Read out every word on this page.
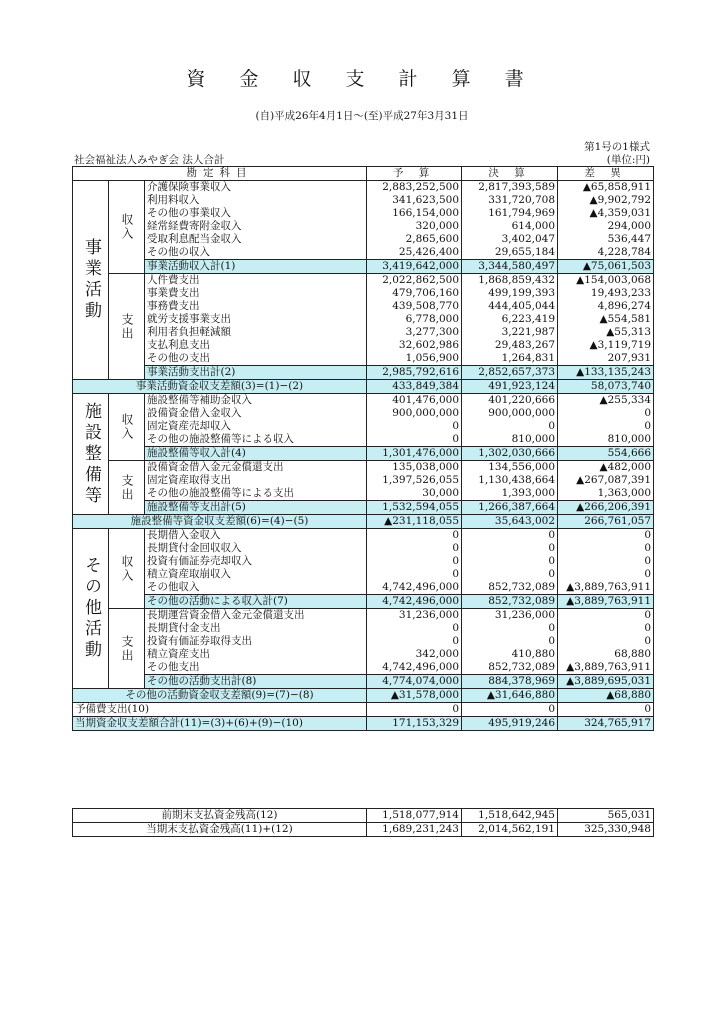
資 金 収 支 計 算 書
(自)平成26年4月1日～(至)平成27年3月31日
第1号の1様式
社会福祉法人みやぎ会 法人合計	(単位:円)
勘定科目			予 算	決 算	差 異
事業活動	収入	介護保険事業収入	2,883,252,500	2,817,393,589	▲65,858,911
		利用料収入	341,623,500	331,720,708	▲9,902,792
		その他の事業収入	166,154,000	161,794,969	▲4,359,031
		経常経費寄附金収入	320,000	614,000	294,000
		受取利息配当金収入	2,865,600	3,402,047	536,447
		その他の収入	25,426,400	29,655,184	4,228,784
		事業活動収入計(1)	3,419,642,000	3,344,580,497	▲75,061,503
	支出	人件費支出	2,022,862,500	1,868,859,432	▲154,003,068
		事業費支出	479,706,160	499,199,393	19,493,233
		事務費支出	439,508,770	444,405,044	4,896,274
		就労支援事業支出	6,778,000	6,223,419	▲554,581
		利用者負担軽減額	3,277,300	3,221,987	▲55,313
		支払利息支出	32,602,986	29,483,267	▲3,119,719
		その他の支出	1,056,900	1,264,831	207,931
		事業活動支出計(2)	2,985,792,616	2,852,657,373	▲133,135,243
事業活動資金収支差額(3)=(1)−(2)			433,849,384	491,923,124	58,073,740
施設整備等	収入	施設整備等補助金収入	401,476,000	401,220,666	▲255,334
		設備資金借入金収入	900,000,000	900,000,000	0
		固定資産売却収入	0	0	0
		その他の施設整備等による収入	0	810,000	810,000
		施設整備等収入計(4)	1,301,476,000	1,302,030,666	554,666
	支出	設備資金借入金元金償還支出	135,038,000	134,556,000	▲482,000
		固定資産取得支出	1,397,526,055	1,130,438,664	▲267,087,391
		その他の施設整備等による支出	30,000	1,393,000	1,363,000
		施設整備等支出計(5)	1,532,594,055	1,266,387,664	▲266,206,391
施設整備等資金収支差額(6)=(4)−(5)			▲231,118,055	35,643,002	266,761,057
その他活動	収入	長期借入金収入	0	0	0
		長期貸付金回収収入	0	0	0
		投資有価証券売却収入	0	0	0
		積立資産取崩収入	0	0	0
		その他収入	4,742,496,000	852,732,089	▲3,889,763,911
		その他の活動による収入計(7)	4,742,496,000	852,732,089	▲3,889,763,911
	支出	長期運営資金借入金元金償還支出	31,236,000	31,236,000	0
		長期貸付金支出	0	0	0
		投資有価証券取得支出	0	0	0
		積立資産支出	342,000	410,880	68,880
		その他支出	4,742,496,000	852,732,089	▲3,889,763,911
		その他の活動支出計(8)	4,774,074,000	884,378,969	▲3,889,695,031
その他の活動資金収支差額(9)=(7)−(8)			▲31,578,000	▲31,646,880	▲68,880
予備費支出(10)			0	0	0
当期資金収支差額合計(11)=(3)+(6)+(9)−(10)			171,153,329	495,919,246	324,765,917
前期末支払資金残高(12)	1,518,077,914	1,518,642,945	565,031
当期末支払資金残高(11)+(12)	1,689,231,243	2,014,562,191	325,330,948
